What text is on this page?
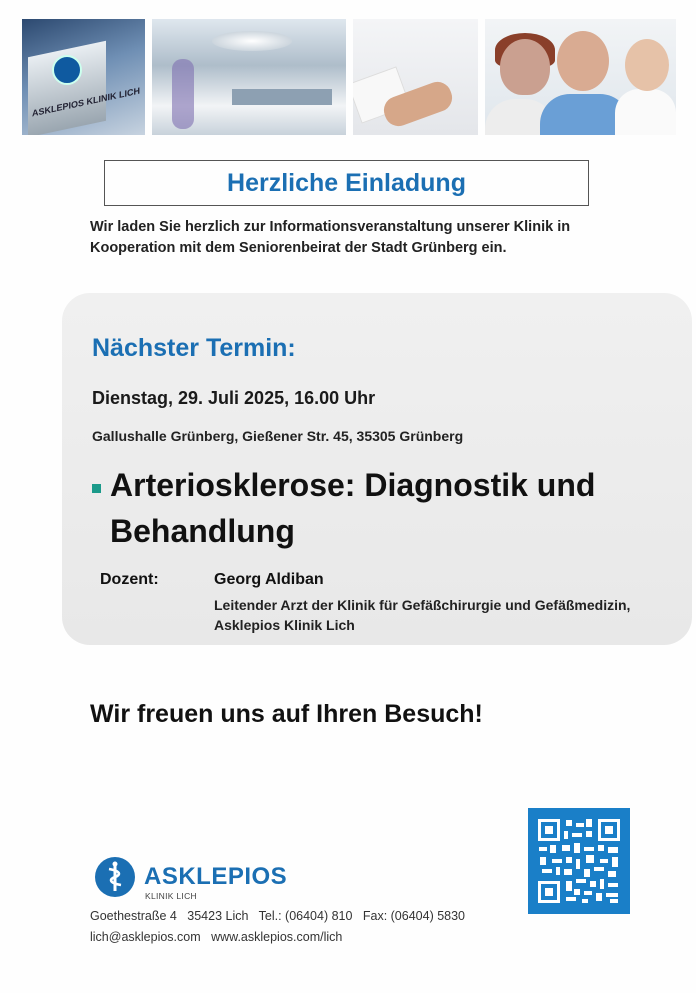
ASKLEPIOS KLINIK LICH
Herzliche Einladung
Wir laden Sie herzlich zur Informationsveranstaltung unserer Klinik in Kooperation mit dem Seniorenbeirat der Stadt Grünberg ein.
Nächster Termin:
Dienstag, 29. Juli 2025, 16.00 Uhr
Gallushalle Grünberg, Gießener Str. 45, 35305 Grünberg
Arteriosklerose: Diagnostik und Behandlung
Dozent:	Georg Aldiban
Leitender Arzt der Klinik für Gefäßchirurgie und Gefäßmedizin, Asklepios Klinik Lich
Wir freuen uns auf Ihren Besuch!
ASKLEPIOS
KLINIK LICH
Goethestraße 4   35423 Lich   Tel.: (06404) 810   Fax: (06404) 5830
lich@asklepios.com   www.asklepios.com/lich
